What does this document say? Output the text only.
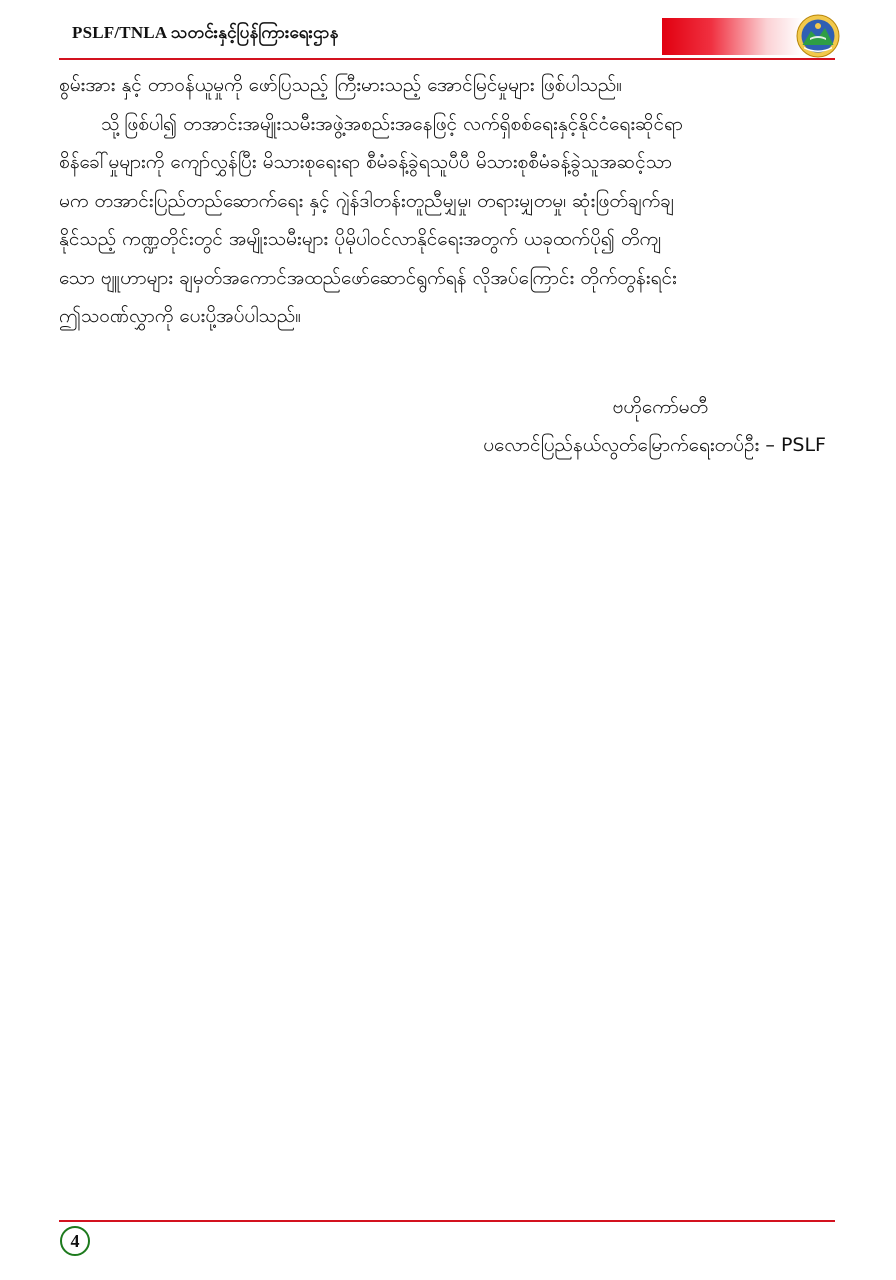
PSLF/TNLA သတင်းနှင့်ပြန်ကြားရေးဌာန
စွမ်းအား နှင့် တာဝန်ယူမှုကို ဖော်ပြသည့် ကြီးမားသည့် အောင်မြင်မှုများ ဖြစ်ပါသည်။
သို့ဖြစ်ပါ၍ တအာင်းအမျိုးသမီးအဖွဲ့အစည်းအနေဖြင့် လက်ရှိစစ်ရေးနှင့်နိုင်ငံရေးဆိုင်ရာ
စိန်ခေါ်မှုများကို ကျော်လွှန်ပြီး မိသားစုရေးရာ စီမံခန့်ခွဲရသူပီပီ မိသားစုစီမံခန့်ခွဲသူအဆင့်သာ
မက တအာင်းပြည်တည်ဆောက်ရေး နှင့် ဂျဲန်ဒါတန်းတူညီမျှမှု၊ တရားမျှတမှု၊ ဆုံးဖြတ်ချက်ချ
နိုင်သည့် ကဏ္ဍတိုင်းတွင် အမျိုးသမီးများ ပိုမိုပါဝင်လာနိုင်ရေးအတွက် ယခုထက်ပို၍ တိကျ
သော ဗျူဟာများ ချမှတ်အကောင်အထည်ဖော်ဆောင်ရွက်ရန် လိုအပ်ကြောင်း တိုက်တွန်းရင်း
ဤသဝဏ်လွှာကို ပေးပို့အပ်ပါသည်။
ဗဟိုကော်မတီ
ပလောင်ပြည်နယ်လွတ်မြောက်ရေးတပ်ဦး – PSLF
4
